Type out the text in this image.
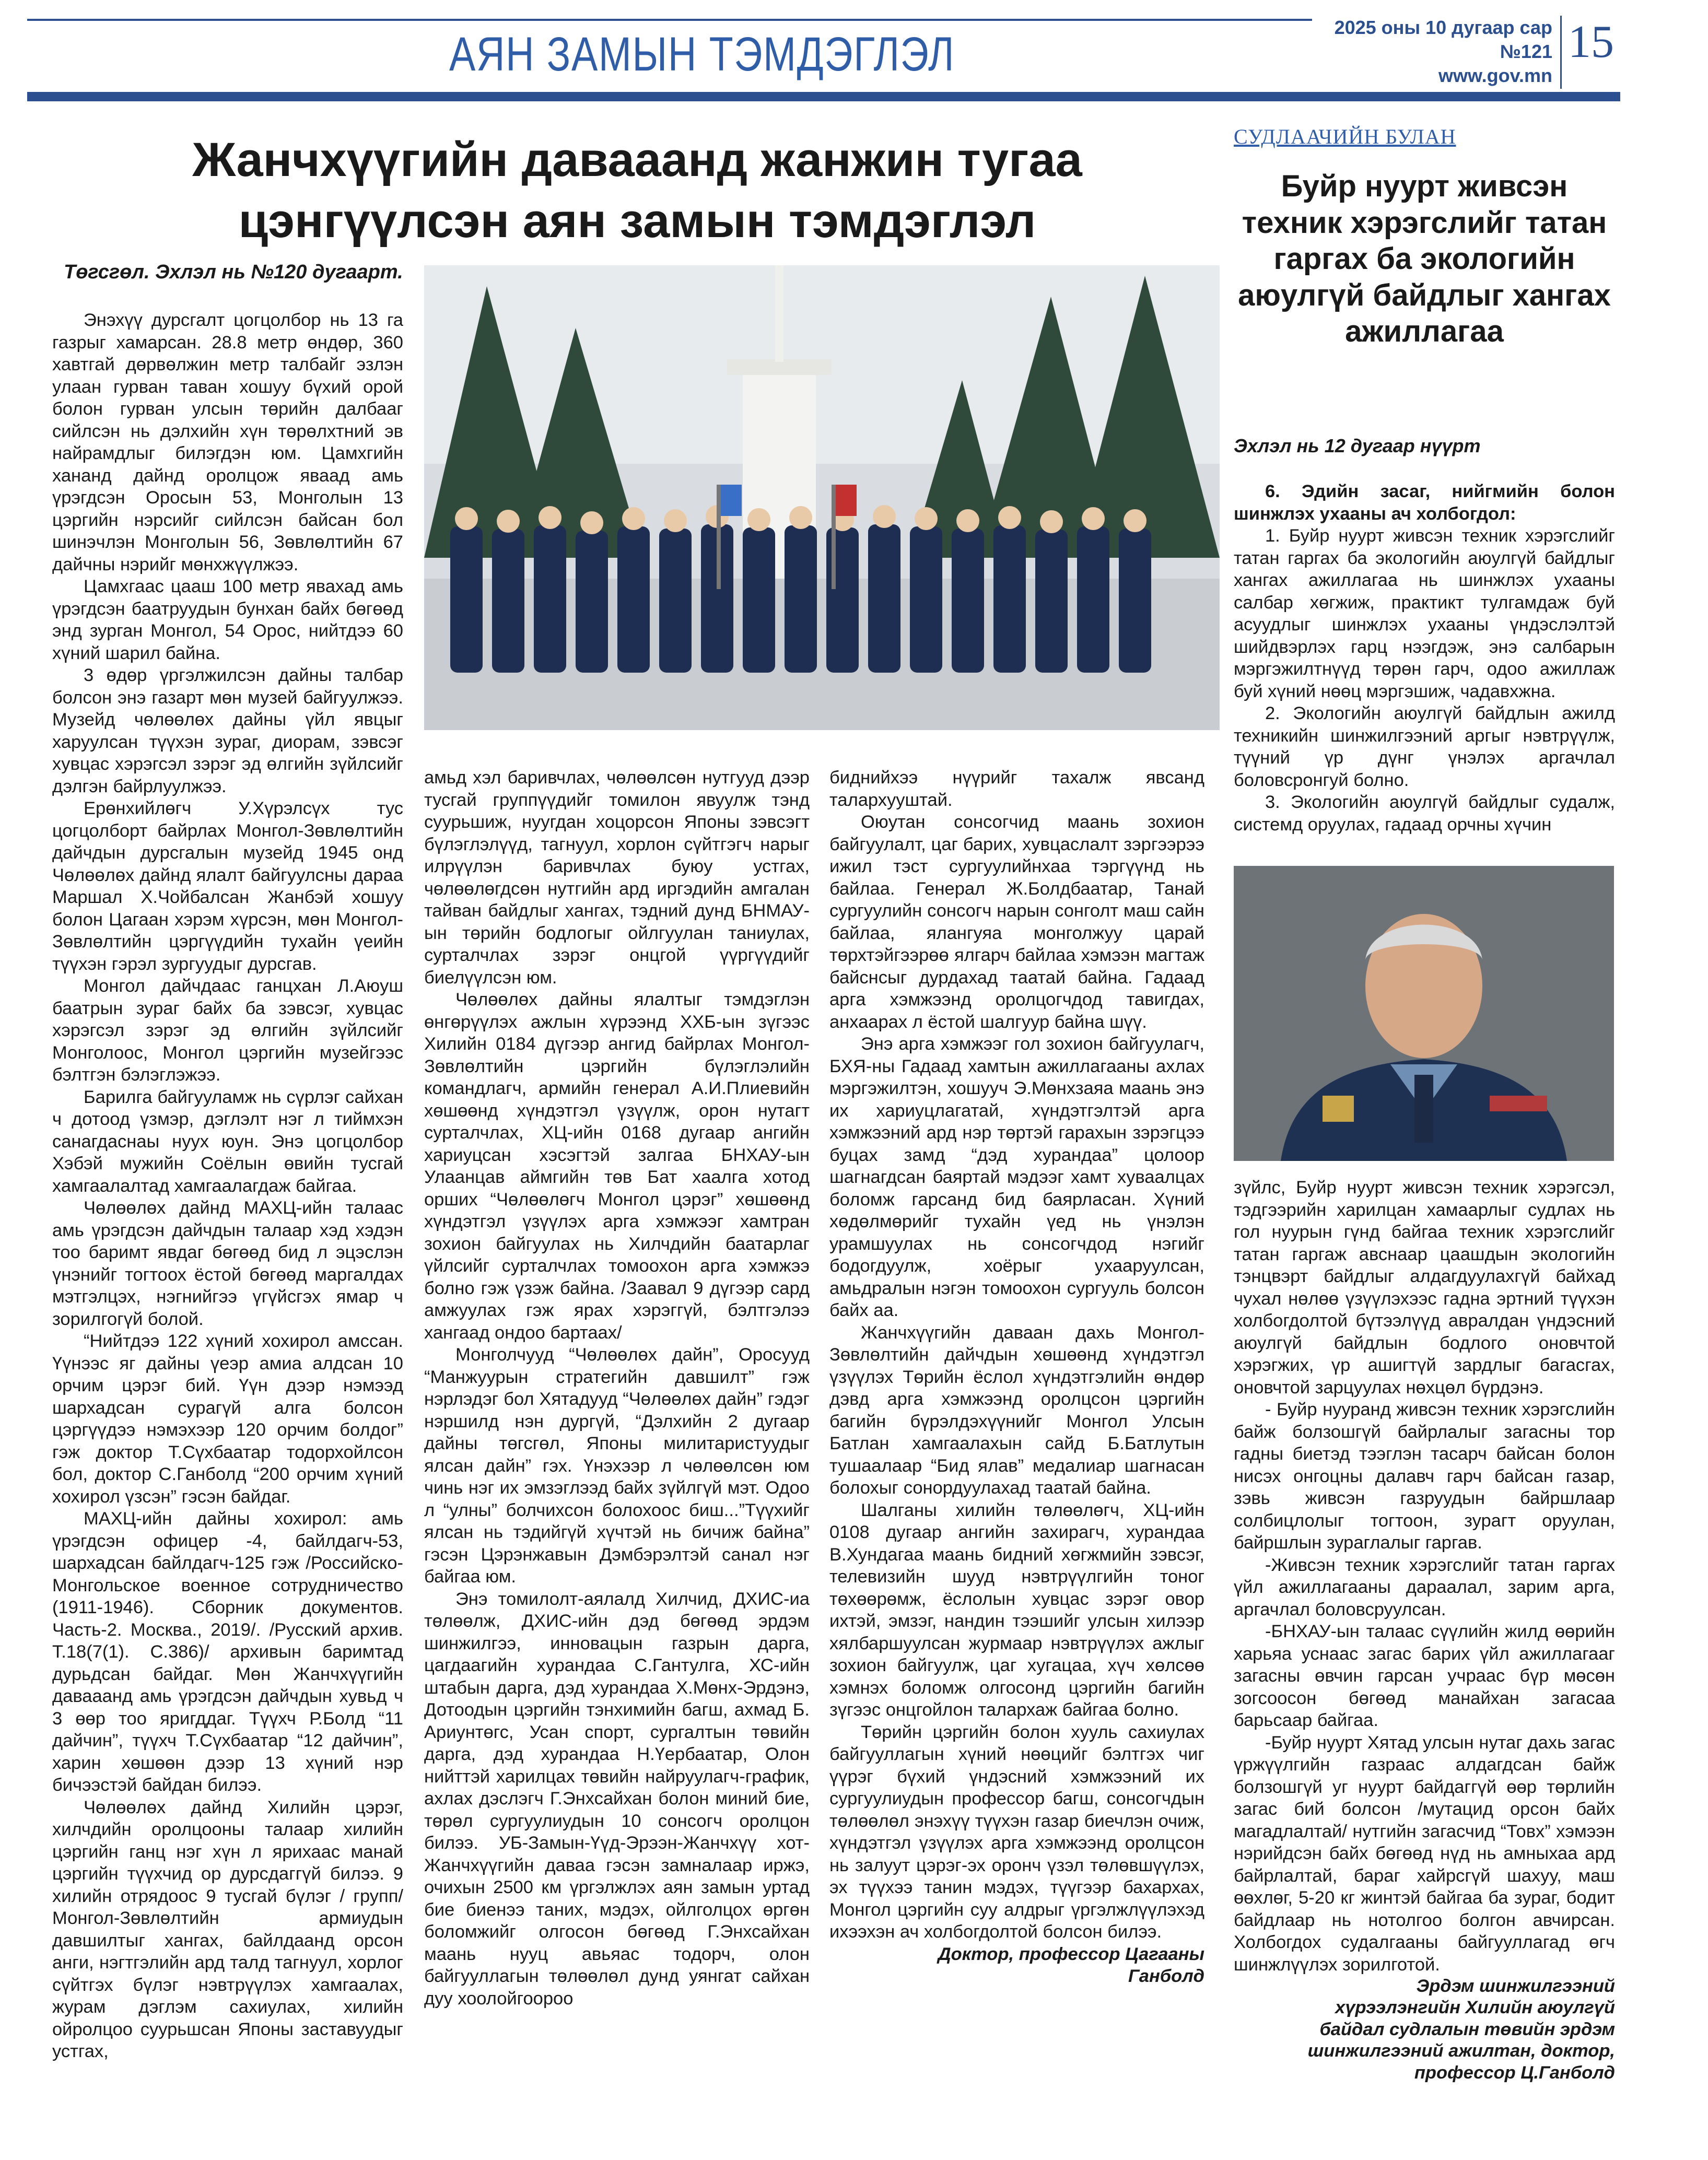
АЯН ЗАМЫН ТЭМДЭГЛЭЛ
2025 оны 10 дугаар сар
№121
www.gov.mn
15
Жанчхүүгийн давааанд жанжин тугаа цэнгүүлсэн аян замын тэмдэглэл
Төгсгөл. Эхлэл нь №120 дугаарт.

Энэхүү дурсгалт цогцолбор нь 13 га газрыг хамарсан. 28.8 метр өндөр, 360 хавтгай дөрвөлжин метр талбайг эзлэн улаан гурван таван хошуу бүхий орой болон гурван улсын төрийн далбааг сийлсэн нь дэлхийн хүн төрөлхтний эв найрамдлыг билэгдэн юм. Цамхгийн хананд дайнд оролцож яваад амь үрэгдсэн Оросын 53, Монголын 13 цэргийн нэрсийг сийлсэн байсан бол шинэчлэн Монголын 56, Зөвлөлтийн 67 дайчны нэрийг мөнхжүүлжээ.

Цамхгаас цааш 100 метр явахад амь үрэгдсэн баатруудын бунхан байх бөгөөд энд зурган Монгол, 54 Орос, нийтдээ 60 хүний шарил байна.

3 өдөр үргэлжилсэн дайны талбар болсон энэ газарт мөн музей байгуулжээ. Музейд чөлөөлөх дайны үйл явцыг харуулсан түүхэн зураг, диорам, зэвсэг хувцас хэрэгсэл зэрэг эд өлгийн зүйлсийг дэлгэн байрлуулжээ.

Ерөнхийлөгч У.Хүрэлсүх тус цогцолборт байрлах Монгол-Зөвлөлтийн дайчдын дурсгалын музейд 1945 онд Чөлөөлөх дайнд ялалт байгуулсны дараа Маршал Х.Чойбалсан Жанбэй хошуу болон Цагаан хэрэм хүрсэн, мөн Монгол-Зөвлөлтийн цэргүүдийн тухайн үеийн түүхэн гэрэл зургуудыг дурсгав.

Монгол дайчдаас ганцхан Л.Аюуш баатрын зураг байх ба зэвсэг, хувцас хэрэгсэл зэрэг эд өлгийн зүйлсийг Монголоос, Монгол цэргийн музейгээс бэлтгэн бэлэглэжээ.

Барилга байгууламж нь сүрлэг сайхан ч дотоод үзмэр, дэглэлт нэг л тиймхэн санагдаснаы нуух юун. Энэ цогцолбор Хэбэй мужийн Соёлын өвийн тусгай хамгаалалтад хамгаалагдаж байгаа.

Чөлөөлөх дайнд МАХЦ-ийн талаас амь үрэгдсэн дайчдын талаар хэд хэдэн тоо баримт явдаг бөгөөд бид л эцэслэн үнэнийг тогтоох ёстой бөгөөд маргалдах мэтгэлцэх, нэгнийгээ үгүйсгэх ямар ч зорилгогүй болой.

“Нийтдээ 122 хүний хохирол амссан. Үүнээс яг дайны үеэр амиа алдсан 10 орчим цэрэг бий. Үүн дээр нэмээд шархадсан сурагүй алга болсон цэргүүдээ нэмэхээр 120 орчим болдог” гэж доктор Т.Сүхбаатар тодорхойлсон бол, доктор С.Ганболд “200 орчим хүний хохирол үзсэн” гэсэн байдаг.

МАХЦ-ийн дайны хохирол: амь үрэгдсэн офицер -4, байлдагч-53, шархадсан байлдагч-125 гэж /Российско-Монгольское военное сотрудничество (1911-1946). Сборник документов. Часть-2. Москва., 2019/. /Русский архив. Т.18(7(1). С.386)/ архивын баримтад дурьдсан байдаг. Мөн Жанчхүүгийн давааанд амь үрэгдсэн дайчдын хувьд ч 3 өөр тоо яригддаг. Түүхч Р.Болд “11 дайчин”, түүхч Т.Сүхбаатар “12 дайчин”, харин хөшөөн дээр 13 хүний нэр бичээстэй байдан билээ.

Чөлөөлөх дайнд Хилийн цэрэг, хилчдийн оролцооны талаар хилийн цэргийн ганц нэг хүн л ярихаас манай цэргийн түүхчид ор дурсдаггүй билээ. 9 хилийн отрядоос 9 тусгай бүлэг / групп/ Монгол-Зөвлөлтийн армиудын давшилтыг хангах, байлдаанд орсон анги, нэгтгэлийн ард талд тагнуул, хорлог сүйтгэх бүлэг нэвтрүүлэх хамгаалах, журам дэглэм сахиулах, хилийн ойролцоо суурьшсан Японы заставуудыг устгах,

амьд хэл баривчлах, чөлөөлсөн нутгууд дээр тусгай группүүдийг томилон явуулж тэнд суурьшиж, нуугдан хоцорсон Японы зэвсэгт бүлэглэлүүд, тагнуул, хорлон сүйтгэгч нарыг илрүүлэн баривчлах буюу устгах, чөлөөлөгдсөн нутгийн ард иргэдийн амгалан тайван байдлыг хангах, тэдний дунд БНМАУ-ын төрийн бодлогыг ойлгуулан таниулах, сурталчлах зэрэг онцгой үүргүүдийг биелүүлсэн юм.

Чөлөөлөх дайны ялалтыг тэмдэглэн өнгөрүүлэх ажлын хүрээнд ХХБ-ын зүгээс Хилийн 0184 дүгээр ангид байрлах Монгол-Зөвлөлтийн цэргийн бүлэглэлийн командлагч, армийн генерал А.И.Плиевийн хөшөөнд хүндэтгэл үзүүлж, орон нутагт сурталчлах, ХЦ-ийн 0168 дугаар ангийн хариуцсан хэсэгтэй залгаа БНХАУ-ын Улаанцав аймгийн төв Бат хаалга хотод орших “Чөлөөлөгч Монгол цэрэг” хөшөөнд хүндэтгэл үзүүлэх арга хэмжээг хамтран зохион байгуулах нь Хилчдийн баатарлаг үйлсийг сурталчлах томоохон арга хэмжээ болно гэж үзэж байна. /Заавал 9 дүгээр сард амжуулах гэж ярах хэрэггүй, бэлтгэлээ хангаад ондоо бартаах/

Монголчууд “Чөлөөлөх дайн”, Оросууд “Манжуурын стратегийн давшилт” гэж нэрлэдэг бол Хятадууд “Чөлөөлөх дайн” гэдэг нэршилд нэн дургүй, “Дэлхийн 2 дугаар дайны төгсгөл, Японы милитаристуудыг ялсан дайн” гэх. Үнэхээр л чөлөөлсөн юм чинь нэг их эмзэглээд байх зүйлгүй мэт. Одоо л “улны” болчихсон болохоос биш...”Түүхийг ялсан нь тэдийгүй хүчтэй нь бичиж байна” гэсэн Цэрэнжавын Дэмбэрэлтэй санал нэг байгаа юм.

Энэ томилолт-аялалд Хилчид, ДХИС-иа төлөөлж, ДХИС-ийн дэд бөгөөд эрдэм шинжилгээ, инновацын газрын дарга, цагдаагийн хурандаа С.Гантулга, ХС-ийн штабын дарга, дэд хурандаа Х.Мөнх-Эрдэнэ, Дотоодын цэргийн тэнхимийн багш, ахмад Б. Ариунтөгс, Усан спорт, сургалтын төвийн дарга, дэд хурандаа Н.Үербаатар, Олон нийттэй харилцах төвийн найруулагч-график, ахлах дэслэгч Г.Энхсайхан болон миний бие, төрөл сургуулиудын 10 сонсогч оролцон билээ. УБ-Замын-Үүд-Эрээн-Жанчхүү хот-Жанчхүүгийн даваа гэсэн замналаар иржэ, очихын 2500 км үргэлжлэх аян замын уртад бие биенээ таних, мэдэх, ойлголцох өргөн боломжийг олгосон бөгөөд Г.Энхсайхан маань нууц авьяас тодорч, олон байгууллагын төлөөлөл дунд уянгат сайхан дуу хоолойгоороо

биднийхээ нүүрийг тахалж явсанд талархууштай.

Оюутан сонсогчид маань зохион байгуулалт, цаг барих, хувцаслалт зэргээрээ ижил тэст сургуулийнхаа тэргүүнд нь байлаа. Генерал Ж.Болдбаатар, Танай сургуулийн сонсогч нарын сонголт маш сайн байлаа, ялангуяа монголжуу царай төрхтэйгээрөө ялгарч байлаа хэмээн магтаж байснсыг дурдахад таатай байна. Гадаад арга хэмжээнд оролцогчдод тавигдах, анхаарах л ёстой шалгуур байна шүү.

Энэ арга хэмжээг гол зохион байгуулагч, БХЯ-ны Гадаад хамтын ажиллагааны ахлах мэргэжилтэн, хошууч Э.Мөнхзаяа маань энэ их хариуцлагатай, хүндэтгэлтэй арга хэмжээний ард нэр төртэй гарахын зэрэгцээ буцах замд “дэд хурандаа” цолоор шагнагдсан баяртай мэдээг хамт хуваалцах боломж гарсанд бид баярласан. Хүний хөдөлмөрийг тухайн үед нь үнэлэн урамшуулах нь сонсогчдод нэгийг бодогдуулж, хоёрыг ухааруулсан, амьдралын нэгэн томоохон сургууль болсон байх аа.

Жанчхүүгийн даваан дахь Монгол-Зөвлөлтийн дайчдын хөшөөнд хүндэтгэл үзүүлэх Төрийн ёслол хүндэтгэлийн өндөр дэвд арга хэмжээнд оролцсон цэргийн багийн бүрэлдэхүүнийг Монгол Улсын Батлан хамгаалахын сайд Б.Батлутын тушаалаар “Бид ялав” медалиар шагнасан болохыг сонордуулахад таатай байна.

Шалганы хилийн төлөөлөгч, ХЦ-ийн 0108 дугаар ангийн захирагч, хурандаа В.Хундагаа маань бидний хөгжмийн зэвсэг, телевизийн шууд нэвтрүүлгийн тоног төхөөрөмж, ёслолын хувцас зэрэг овор ихтэй, эмзэг, нандин тээшийг улсын хилээр хялбаршуулсан журмаар нэвтрүүлэх ажлыг зохион байгуулж, цаг хугацаа, хүч хөлсөө хэмнэх боломж олгосонд цэргийн багийн зүгээс онцгойлон талархаж байгаа болно.

Төрийн цэргийн болон хууль сахиулах байгууллагын хүний нөөцийг бэлтгэх чиг үүрэг бүхий үндэсний хэмжээний их сургуулиудын профессор багш, сонсогчдын төлөөлөл энэхүү түүхэн газар биечлэн очиж, хүндэтгэл үзүүлэх арга хэмжээнд оролцсон нь залуут цэрэг-эх оронч үзэл төлөвшүүлэх, эх түүхээ танин мэдэх, түүгээр бахархах, Монгол цэргийн суу алдрыг үргэлжлүүлэхэд ихээхэн ач холбогдолтой болсон билээ.

Доктор, профессор Цагааны

Ганболд

СУДЛААЧИЙН БУЛАН
Буйр нуурт живсэн техник хэрэгслийг татан гаргах ба экологийн аюулгүй байдлыг хангах ажиллагаа
Эхлэл нь 12 дугаар нүүрт

6. Эдийн засаг, нийгмийн болон шинжлэх ухааны ач холбогдол:

1. Буйр нуурт живсэн техник хэрэгслийг татан гаргах ба экологийн аюулгүй байдлыг хангах ажиллагаа нь шинжлэх ухааны салбар хөгжиж, практикт тулгамдаж буй асуудлыг шинжлэх ухааны үндэслэлтэй шийдвэрлэх гарц нээгдэж, энэ салбарын мэргэжилтнүүд төрөн гарч, одоо ажиллаж буй хүний нөөц мэргэшиж, чадавхжна.

2. Экологийн аюулгүй байдлын ажилд техникийн шинжилгээний аргыг нэвтрүүлж, түүний үр дүнг үнэлэх аргачлал боловсронгуй болно.

3. Экологийн аюулгүй байдлыг судалж, системд оруулах, гадаад орчны хүчин

зүйлс, Буйр нуурт живсэн техник хэрэгсэл, тэдгээрийн харилцан хамаарлыг судлах нь гол нуурын гүнд байгаа техник хэрэгслийг татан гаргаж авснаар цаашдын экологийн тэнцвэрт байдлыг алдагдуулахгүй байхад чухал нөлөө үзүүлэхээс гадна эртний түүхэн холбогдолтой бүтээлүүд авралдан үндэсний аюулгүй байдлын бодлого оновчтой хэрэгжих, үр ашигтүй зардлыг багасгах, оновчтой зарцуулах нөхцөл бүрдэнэ.

- Буйр нууранд живсэн техник хэрэгслийн байж болзошгүй байрлалыг загасны тор гадны биетэд тээглэн тасарч байсан болон нисэх онгоцны далавч гарч байсан газар, зэвь живсэн газруудын байршлаар солбицлолыг тогтоон, зурагт оруулан, байршлын зураглалыг гаргав.

-Живсэн техник хэрэгслийг татан гаргах үйл ажиллагааны дараалал, зарим арга, аргачлал боловсруулсан.

-БНХАУ-ын талаас сүүлийн жилд өөрийн харьяа уснаас загас барих үйл ажиллагааг загасны өвчин гарсан учраас бүр мөсөн зогсоосон бөгөөд манайхан загасаа барьсаар байгаа.

-Буйр нуурт Хятад улсын нутаг дахь загас үржүүлгийн газраас алдагдсан байж болзошгүй уг нуурт байдаггүй өөр төрлийн загас бий болсон /мутацид орсон байх магадлалтай/ нутгийн загасчид “Товх” хэмээн нэрийдсэн байх бөгөөд нүд нь амныхаа ард байрлалтай, бараг хайрсгүй шахуу, маш өөхлөг, 5-20 кг жинтэй байгаа ба зураг, бодит байдлаар нь нотолгоо болгон авчирсан. Холбогдох судалгааны байгууллагад өгч шинжлүүлэх зорилготой.

Эрдэм шинжилгээний

хүрээлэнгийн Хилийн аюулгүй

байдал судлалын төвийн эрдэм

шинжилгээний ажилтан, доктор,

профессор Ц.Ганболд
